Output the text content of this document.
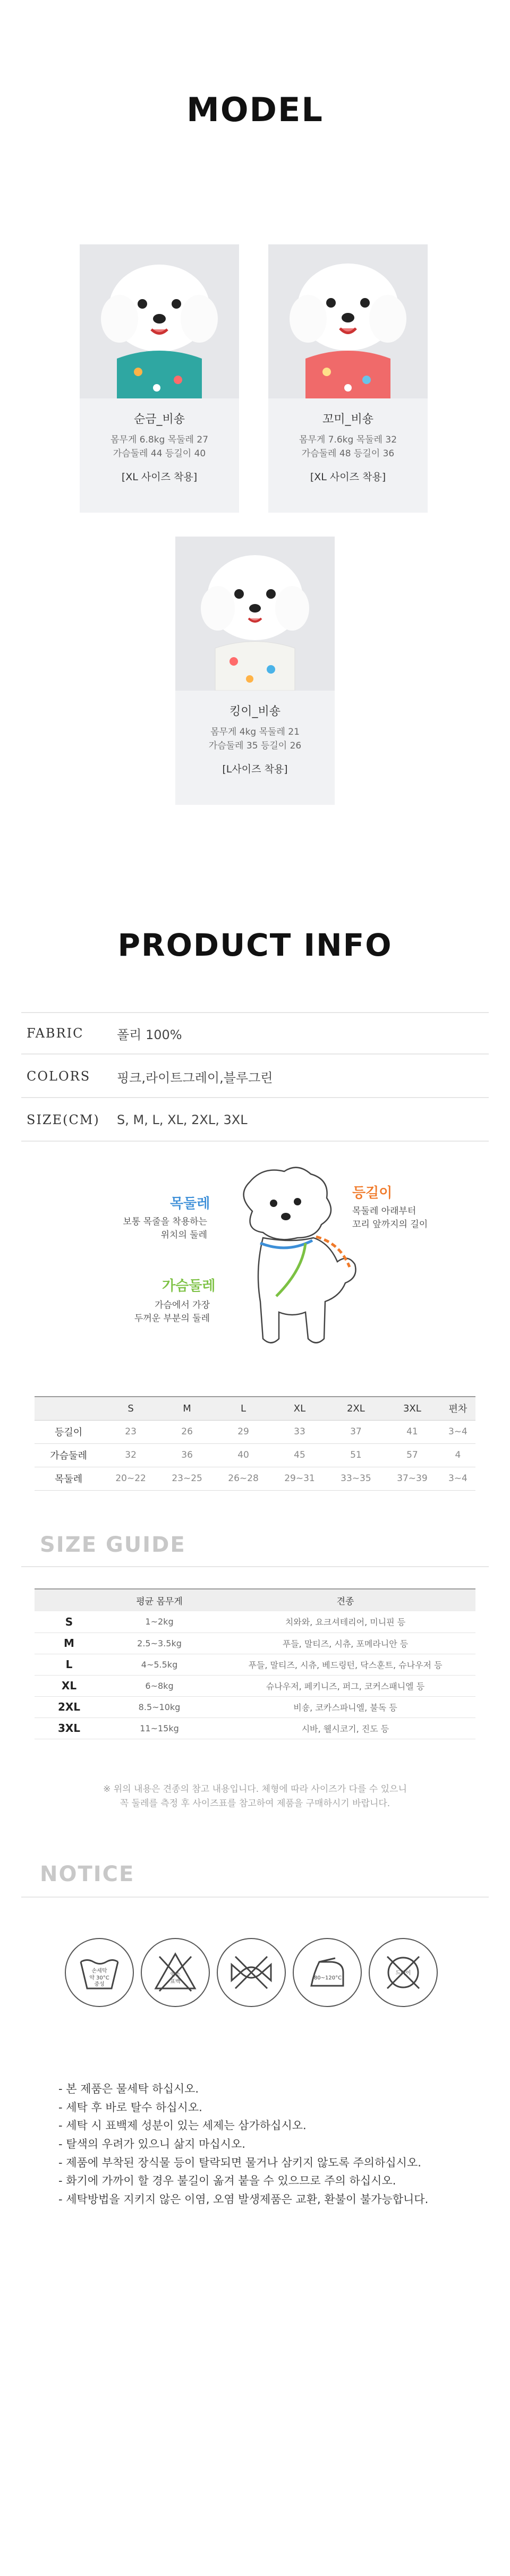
MODEL
순금_비숑
몸무게 6.8kg 목둘레 27
가슴둘레 44 등길이 40
[XL 사이즈 착용]
꼬미_비숑
몸무게 7.6kg 목둘레 32
가슴둘레 48 등길이 36
[XL 사이즈 착용]
킹이_비숑
몸무게 4kg 목둘레 21
가슴둘레 35 등길이 26
[L사이즈 착용]
PRODUCT INFO
FABRIC	폴리 100%
COLORS	핑크,라이트그레이,블루그린
SIZE(CM)	S, M, L, XL, 2XL, 3XL
목둘레
보통 목줄을 착용하는
위치의 둘레
등길이
목둘레 아래부터
꼬리 앞까지의 길이
가슴둘레
가슴에서 가장
두꺼운 부분의 둘레
	S	M	L	XL	2XL	3XL	편차
등길이	23	26	29	33	37	41	3~4
가슴둘레	32	36	40	45	51	57	4
목둘레	20~22	23~25	26~28	29~31	33~35	37~39	3~4
SIZE GUIDE
	평균 몸무게	견종
S	1~2kg	치와와, 요크셔테리어, 미니핀 등
M	2.5~3.5kg	푸들, 말티즈, 시츄, 포메라니안 등
L	4~5.5kg	푸들, 말티즈, 시츄, 베드링턴, 닥스훈트, 슈나우저 등
XL	6~8kg	슈나우저, 페키니즈, 퍼그, 코커스패니엘 등
2XL	8.5~10kg	비숑, 코카스파니엘, 불독 등
3XL	11~15kg	시바, 웰시코기, 진도 등
※ 위의 내용은 견종의 참고 내용입니다. 체형에 따라 사이즈가 다를 수 있으니
꼭 둘레를 측정 후 사이즈표를 참고하여 제품을 구매하시기 바랍니다.
NOTICE
손세탁
약 30°C
중성
염소
표백
80~120°C
드라이
- 본 제품은 물세탁 하십시오.
- 세탁 후 바로 탈수 하십시오.
- 세탁 시 표백제 성분이 있는 세제는 삼가하십시오.
- 탈색의 우려가 있으니 삶지 마십시오.
- 제품에 부착된 장식물 등이 탈락되면 물거나 삼키지 않도록 주의하십시오.
- 화기에 가까이 할 경우 불길이 옮겨 붙을 수 있으므로 주의 하십시오.
- 세탁방법을 지키지 않은 이염, 오염 발생제품은 교환, 환불이 불가능합니다.
